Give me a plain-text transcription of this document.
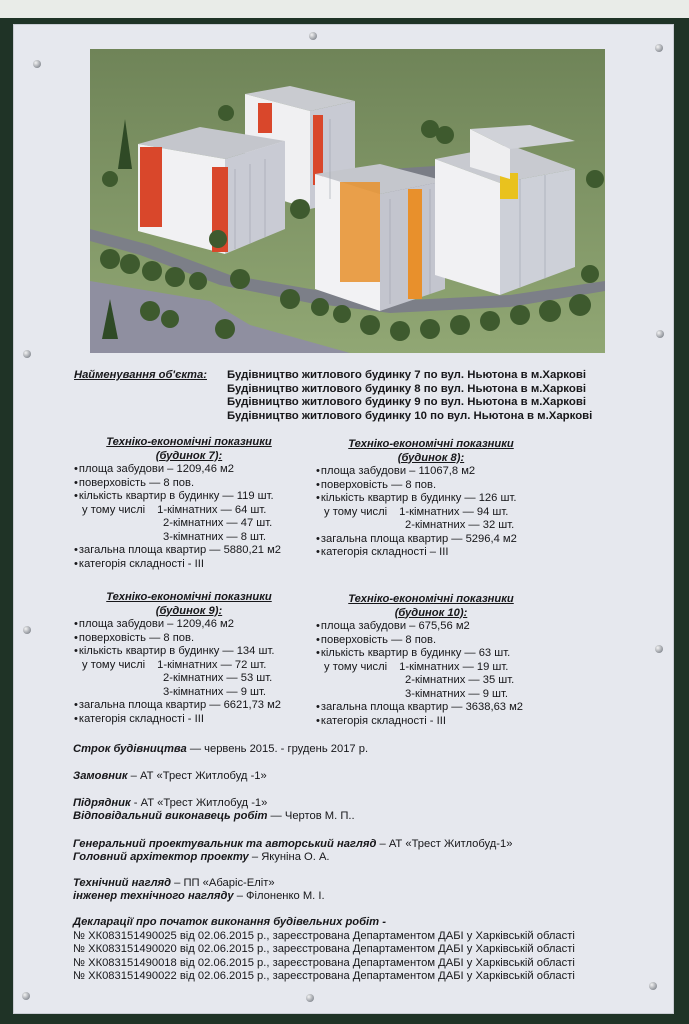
Найменування об'єкта: Будівництво житлового будинку 7 по вул. Ньютона в м.Харкові
Будівництво житлового будинку 8 по вул. Ньютона в м.Харкові
Будівництво житлового будинку 9 по вул. Ньютона в м.Харкові
Будівництво житлового будинку 10 по вул. Ньютона в м.Харкові
Техніко-економічні показники
(будинок 7):
• площа забудови – 1209,46 м2
• поверховість — 8 пов.
• кількість квартир в будинку — 119 шт.
у тому числі 1-кімнатних — 64 шт.
2-кімнатних — 47 шт.
3-кімнатних — 8 шт.
• загальна площа квартир — 5880,21 м2
• категорія складності - ІІІ
Техніко-економічні показники
(будинок 8):
• площа забудови – 11067,8 м2
• поверховість — 8 пов.
• кількість квартир в будинку — 126 шт.
у тому числі 1-кімнатних — 94 шт.
2-кімнатних — 32 шт.
• загальна площа квартир — 5296,4 м2
• категорія складності – ІІІ
Техніко-економічні показники
(будинок 9):
• площа забудови – 1209,46 м2
• поверховість — 8 пов.
• кількість квартир в будинку — 134 шт.
у тому числі 1-кімнатних — 72 шт.
2-кімнатних — 53 шт.
3-кімнатних — 9 шт.
• загальна площа квартир — 6621,73 м2
• категорія складності - ІІІ
Техніко-економічні показники
(будинок 10):
• площа забудови – 675,56 м2
• поверховість — 8 пов.
• кількість квартир в будинку — 63 шт.
у тому числі 1-кімнатних — 19 шт.
2-кімнатних — 35 шт.
3-кімнатних — 9 шт.
• загальна площа квартир — 3638,63 м2
• категорія складності - ІІІ
Строк будівництва — червень 2015. - грудень 2017 р.
Замовник – АТ «Трест Житлобуд -1»
Підрядник - АТ «Трест Житлобуд -1»
Відповідальний виконавець робіт — Чертов М. П..
Генеральний проектувальник та авторський нагляд – АТ «Трест Житлобуд-1»
Головний архітектор проекту – Якуніна О. А.
Технічний нагляд – ПП «Абаріс-Еліт»
інженер технічного нагляду – Філоненко М. І.
Декларації про початок виконання будівельних робіт -
№ ХК083151490025 від 02.06.2015 р., зареєстрована Департаментом ДАБІ у Харківській області
№ ХК083151490020 від 02.06.2015 р., зареєстрована Департаментом ДАБІ у Харківській області
№ ХК083151490018 від 02.06.2015 р., зареєстрована Департаментом ДАБІ у Харківській області
№ ХК083151490022 від 02.06.2015 р., зареєстрована Департаментом ДАБІ у Харківській області
